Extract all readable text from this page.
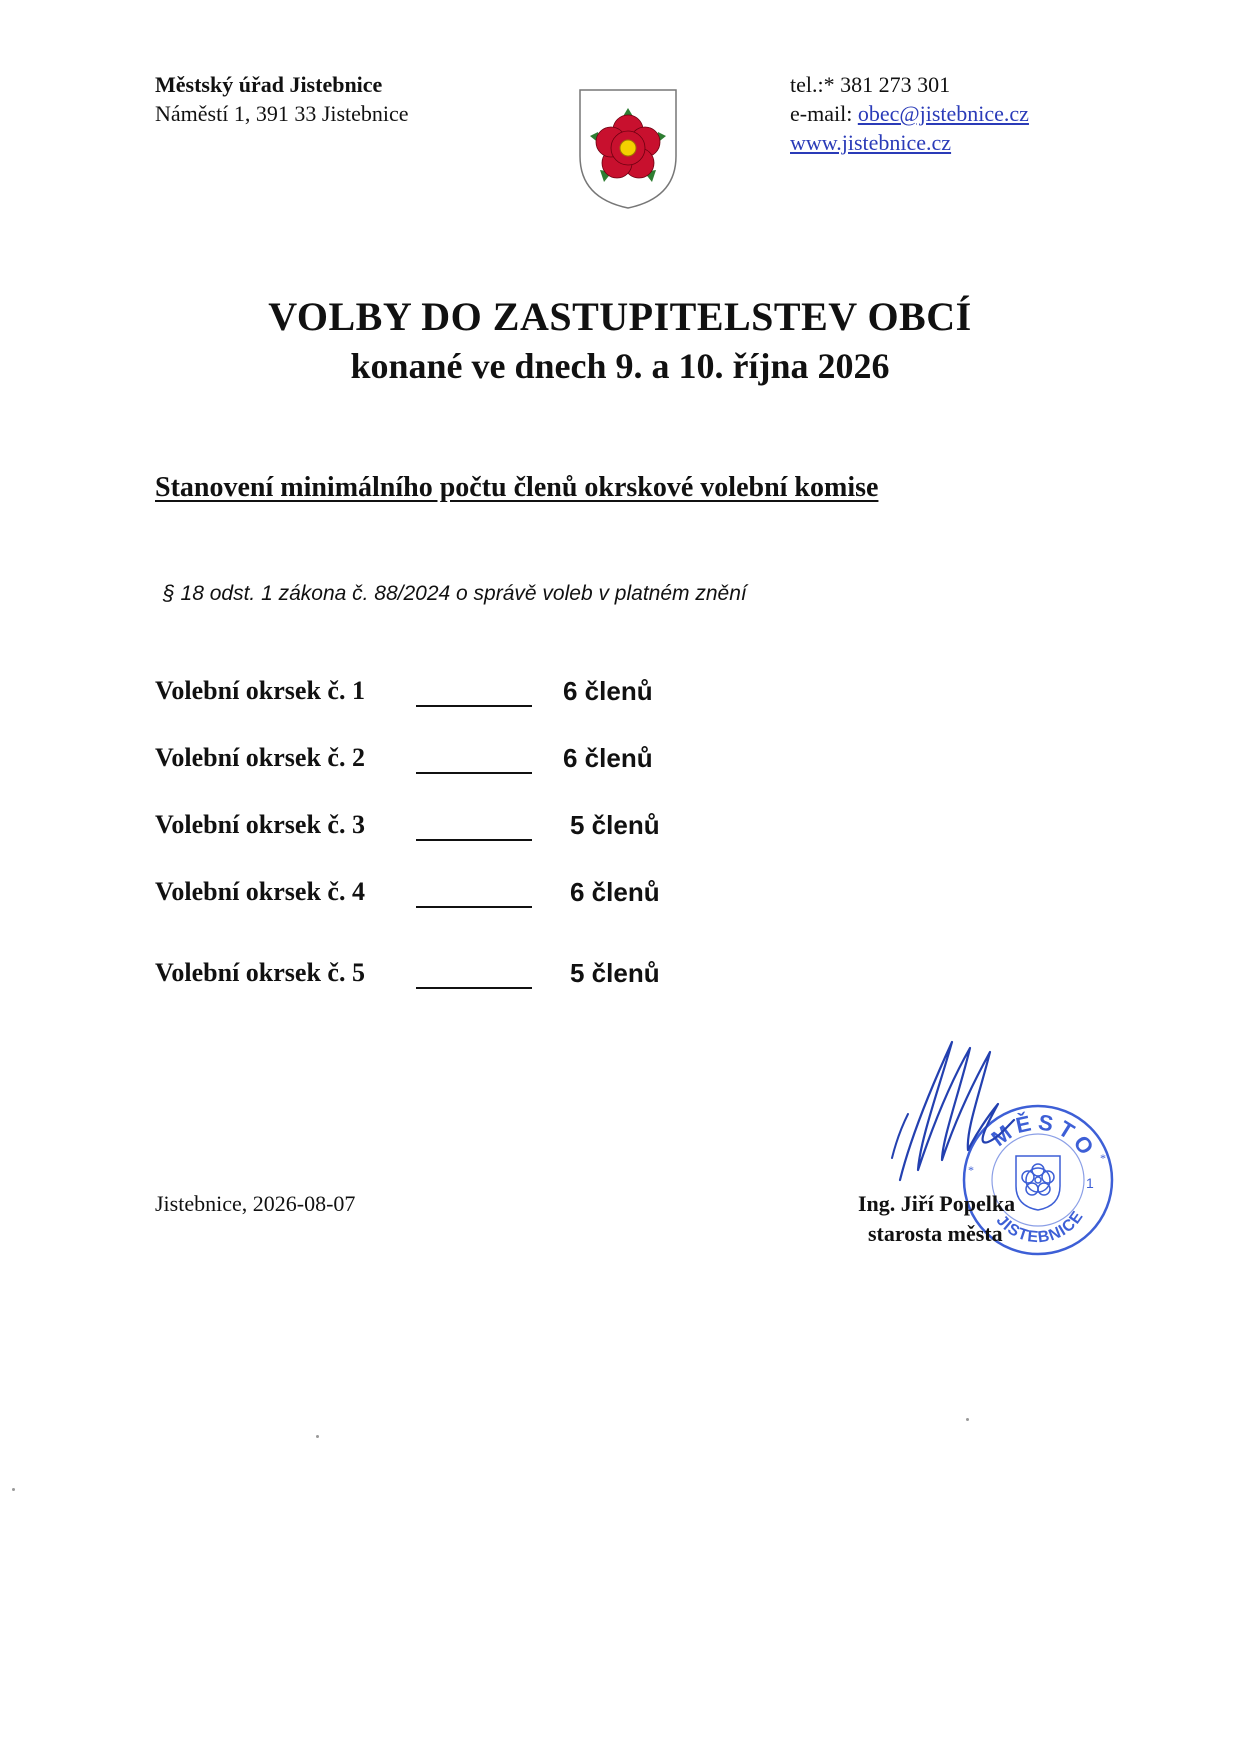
Městský úřad Jistebnice
Náměstí 1, 391 33 Jistebnice
tel.:* 381 273 301
e-mail: obec@jistebnice.cz
www.jistebnice.cz
VOLBY DO ZASTUPITELSTEV OBCÍ
konané ve dnech 9. a 10. října 2026
Stanovení minimálního počtu členů okrskové volební komise
§ 18 odst. 1 zákona č. 88/2024 o správě voleb v platném znění
Volební okrsek č. 1	6 členů
Volební okrsek č. 2	6 členů
Volební okrsek č. 3	5 členů
Volební okrsek č. 4	6 členů
Volební okrsek č. 5	5 členů
Jistebnice, 2026-08-07
MĚSTO
JISTEBNICE
1
*
*
Ing. Jiří Popelka
starosta města
